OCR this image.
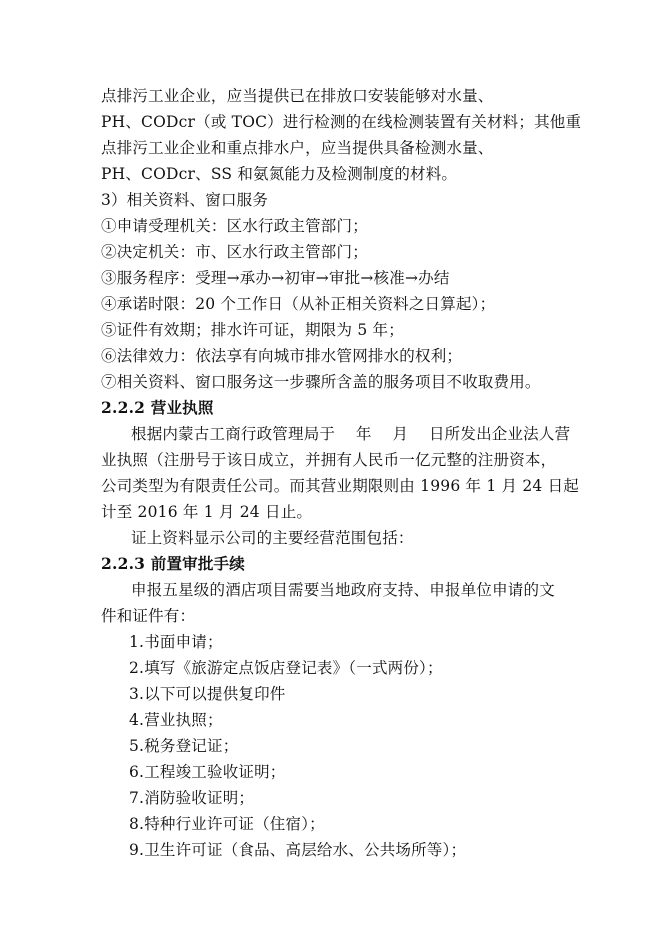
点排污工业企业，应当提供已在排放口安装能够对水量、
PH、CODcr（或 TOC）进行检测的在线检测装置有关材料；其他重
点排污工业企业和重点排水户，应当提供具备检测水量、
PH、CODcr、SS 和氨氮能力及检测制度的材料。
3）相关资料、窗口服务
①申请受理机关：区水行政主管部门；
②决定机关：市、区水行政主管部门；
③服务程序：受理→承办→初审→审批→核准→办结
④承诺时限：20 个工作日（从补正相关资料之日算起）；
⑤证件有效期；排水许可证，期限为 5 年；
⑥法律效力：依法享有向城市排水管网排水的权利；
⑦相关资料、窗口服务这一步骤所含盖的服务项目不收取费用。
2.2.2 营业执照
根据内蒙古工商行政管理局于　 年　 月　 日所发出企业法人营
业执照（注册号于该日成立，并拥有人民币一亿元整的注册资本，
公司类型为有限责任公司。而其营业期限则由 1996 年 1 月 24 日起
计至 2016 年 1 月 24 日止。
证上资料显示公司的主要经营范围包括：
2.2.3 前置审批手续
申报五星级的酒店项目需要当地政府支持、申报单位申请的文
件和证件有：
1.书面申请；
2.填写《旅游定点饭店登记表》（一式两份）；
3.以下可以提供复印件
4.营业执照；
5.税务登记证；
6.工程竣工验收证明；
7.消防验收证明；
8.特种行业许可证（住宿）；
9.卫生许可证（食品、高层给水、公共场所等）；
